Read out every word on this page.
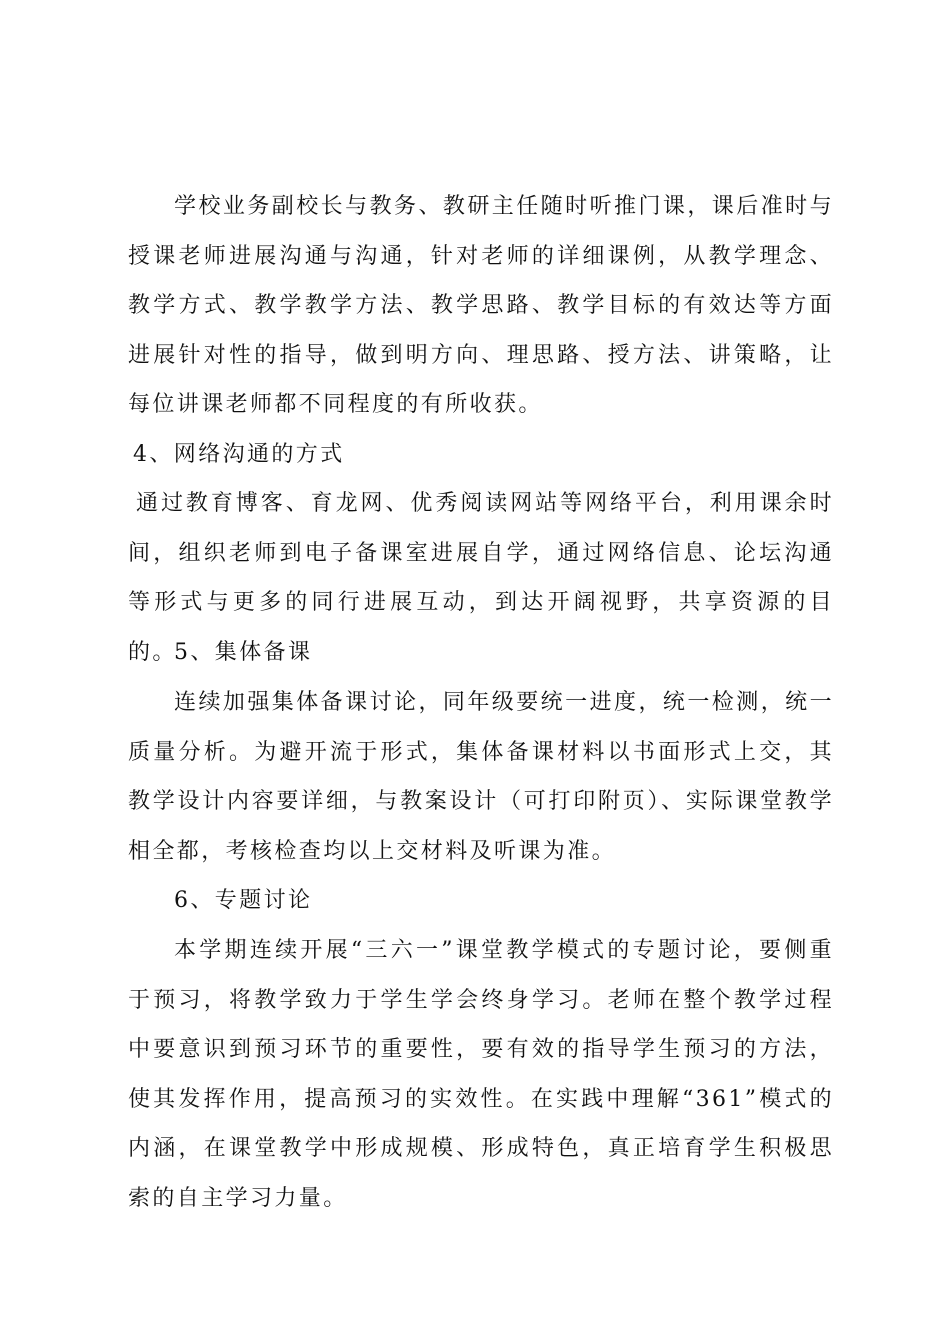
学校业务副校长与教务、教研主任随时听推门课，课后准时与授课老师进展沟通与沟通，针对老师的详细课例，从教学理念、教学方式、教学教学方法、教学思路、教学目标的有效达等方面进展针对性的指导，做到明方向、理思路、授方法、讲策略，让每位讲课老师都不同程度的有所收获。

4、网络沟通的方式

通过教育博客、育龙网、优秀阅读网站等网络平台，利用课余时间，组织老师到电子备课室进展自学，通过网络信息、论坛沟通等形式与更多的同行进展互动，到达开阔视野，共享资源的目的。

5、集体备课

连续加强集体备课讨论，同年级要统一进度，统一检测，统一质量分析。为避开流于形式，集体备课材料以书面形式上交，其教学设计内容要详细，与教案设计（可打印附页）、实际课堂教学相全都，考核检查均以上交材料及听课为准。

6、专题讨论

本学期连续开展“三六一”课堂教学模式的专题讨论，要侧重于预习，将教学致力于学生学会终身学习。老师在整个教学过程中要意识到预习环节的重要性，要有效的指导学生预习的方法，使其发挥作用，提高预习的实效性。在实践中理解“361”模式的内涵，在课堂教学中形成规模、形成特色，真正培育学生积极思索的自主学习力量。
